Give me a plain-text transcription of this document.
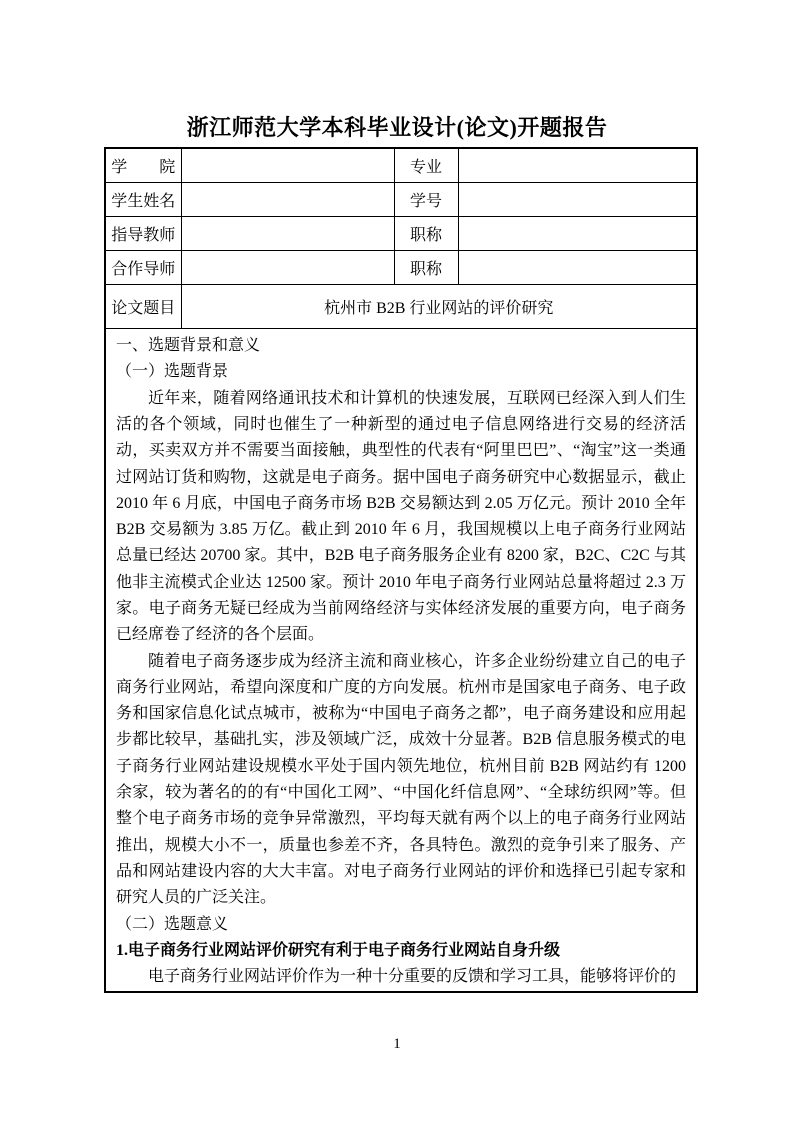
浙江师范大学本科毕业设计(论文)开题报告
学　　院		专业	
学生姓名		学号	
指导教师		职称	
合作导师		职称	
论文题目	杭州市 B2B 行业网站的评价研究		

一、选题背景和意义
（一）选题背景

近年来，随着网络通讯技术和计算机的快速发展，互联网已经深入到人们生活的各个领域，同时也催生了一种新型的通过电子信息网络进行交易的经济活动，买卖双方并不需要当面接触，典型性的代表有“阿里巴巴”、“淘宝”这一类通过网站订货和购物，这就是电子商务。据中国电子商务研究中心数据显示，截止 2010 年 6 月底，中国电子商务市场 B2B 交易额达到 2.05 万亿元。预计 2010 全年 B2B 交易额为 3.85 万亿。截止到 2010 年 6 月，我国规模以上电子商务行业网站总量已经达 20700 家。其中，B2B 电子商务服务企业有 8200 家，B2C、C2C 与其他非主流模式企业达 12500 家。预计 2010 年电子商务行业网站总量将超过 2.3 万家。电子商务无疑已经成为当前网络经济与实体经济发展的重要方向，电子商务已经席卷了经济的各个层面。

随着电子商务逐步成为经济主流和商业核心，许多企业纷纷建立自己的电子商务行业网站，希望向深度和广度的方向发展。杭州市是国家电子商务、电子政务和国家信息化试点城市，被称为“中国电子商务之都”，电子商务建设和应用起步都比较早，基础扎实，涉及领域广泛，成效十分显著。B2B 信息服务模式的电子商务行业网站建设规模水平处于国内领先地位，杭州目前 B2B 网站约有 1200 余家，较为著名的的有“中国化工网”、“中国化纤信息网”、“全球纺织网”等。但整个电子商务市场的竞争异常激烈，平均每天就有两个以上的电子商务行业网站推出，规模大小不一，质量也参差不齐，各具特色。激烈的竞争引来了服务、产品和网站建设内容的大大丰富。对电子商务行业网站的评价和选择已引起专家和研究人员的广泛关注。

（二）选题意义
1.电子商务行业网站评价研究有利于电子商务行业网站自身升级

电子商务行业网站评价作为一种十分重要的反馈和学习工具，能够将评价的

1
